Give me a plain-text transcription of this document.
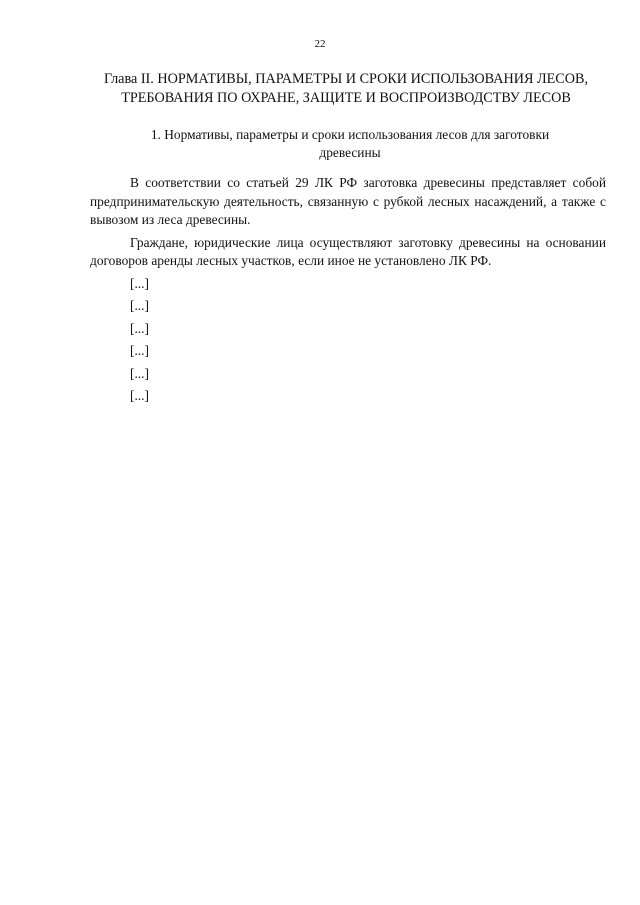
22
Глава II. НОРМАТИВЫ, ПАРАМЕТРЫ И СРОКИ ИСПОЛЬЗОВАНИЯ ЛЕСОВ, ТРЕБОВАНИЯ ПО ОХРАНЕ, ЗАЩИТЕ И ВОСПРОИЗВОДСТВУ ЛЕСОВ
1. Нормативы, параметры и сроки использования лесов для заготовки древесины

В соответствии со статьей 29 ЛК РФ заготовка древесины представляет собой предпринимательскую деятельность, связанную с рубкой лесных насаждений, а также с вывозом из леса древесины.

Граждане, юридические лица осуществляют заготовку древесины на основании договоров аренды лесных участков, если иное не установлено ЛК РФ.

[...]

[...]

[...]

[...]

[...]

[...]
